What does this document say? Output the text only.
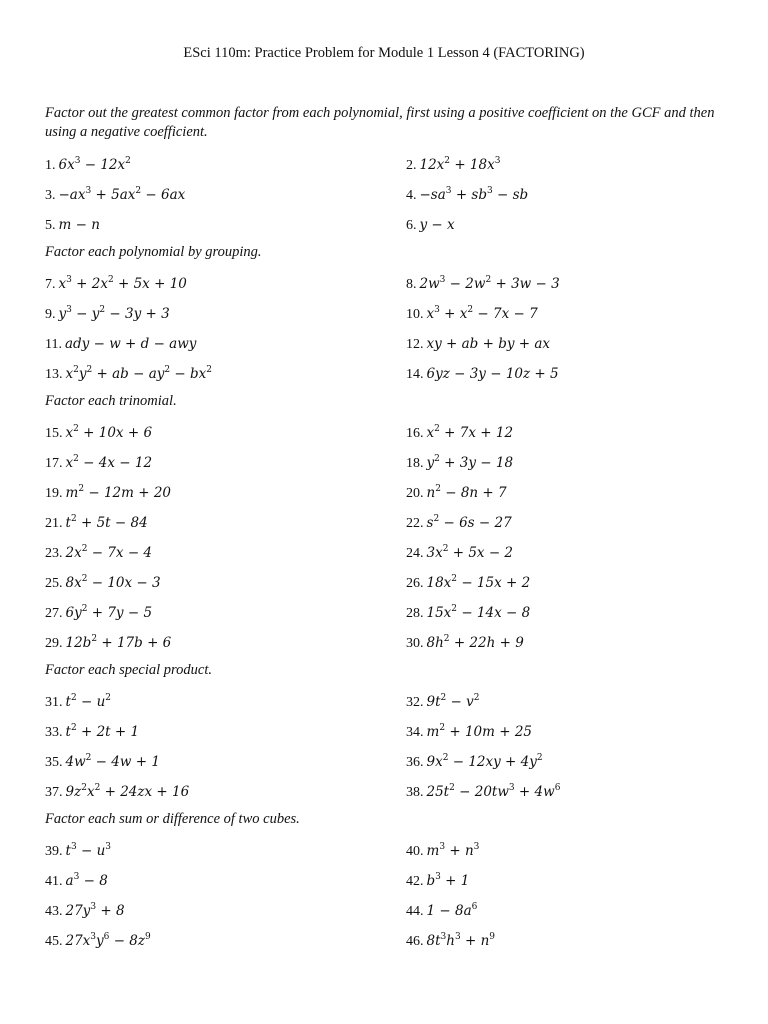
ESci 110m: Practice Problem for Module 1 Lesson 4 (FACTORING)
Factor out the greatest common factor from each polynomial, first using a positive coefficient on the GCF and then using a negative coefficient.
1. $6x^3 - 12x^2$	2. $12x^2 + 18x^3$
3. $-ax^3 + 5ax^2 - 6ax$	4. $-sa^3 + sb^3$ − sb
5. m − n	6. y − x
Factor each polynomial by grouping.
7. $x^3 + 2x^2 + 5x + 10$	8. $2w^3 - 2w^2 + 3w - 3$
9. $y^3 - y^2 - 3y + 3$	10. $x^3 + x^2 - 7x - 7$
11. ady − w + d − awy	12. xy + ab + by + ax
13. $x^2y^2$ + ab − $ay^2 - bx^2$	14. 6yz − 3y − 10z + 5
Factor each trinomial.
15. $x^2 + 10x + 6$	16. $x^2 + 7x + 12$
17. $x^2 - 4x - 12$	18. $y^2 + 3y - 18$
19. $m^2 - 12m + 20$	20. $n^2 - 8n + 7$
21. $t^2 + 5t - 84$	22. $s^2 - 6s - 27$
23. $2x^2 - 7x - 4$	24. $3x^2 + 5x - 2$
25. $8x^2 - 10x - 3$	26. $18x^2 - 15x + 2$
27. $6y^2 + 7y - 5$	28. $15x^2 - 14x - 8$
29. $12b^2 + 17b + 6$	30. $8h^2 + 22h + 9$
Factor each special product.
31. $t^2 - u^2$	32. $9t^2 - v^2$
33. $t^2 + 2t + 1$	34. $m^2 + 10m + 25$
35. $4w^2 - 4w + 1$	36. $9x^2 - 12xy + 4y^2$
37. $9z^2x^2 + 24zx + 16$	38. $25t^2 - 20tw^3 + 4w^6$
Factor each sum or difference of two cubes.
39. $t^3 - u^3$	40. $m^3 + n^3$
41. $a^3 - 8$	42. $b^3 + 1$
43. $27y^3 + 8$	44. $1 - 8a^6$
45. $27x^3y^6 - 8z^9$	46. $8t^3h^3 + n^9$
